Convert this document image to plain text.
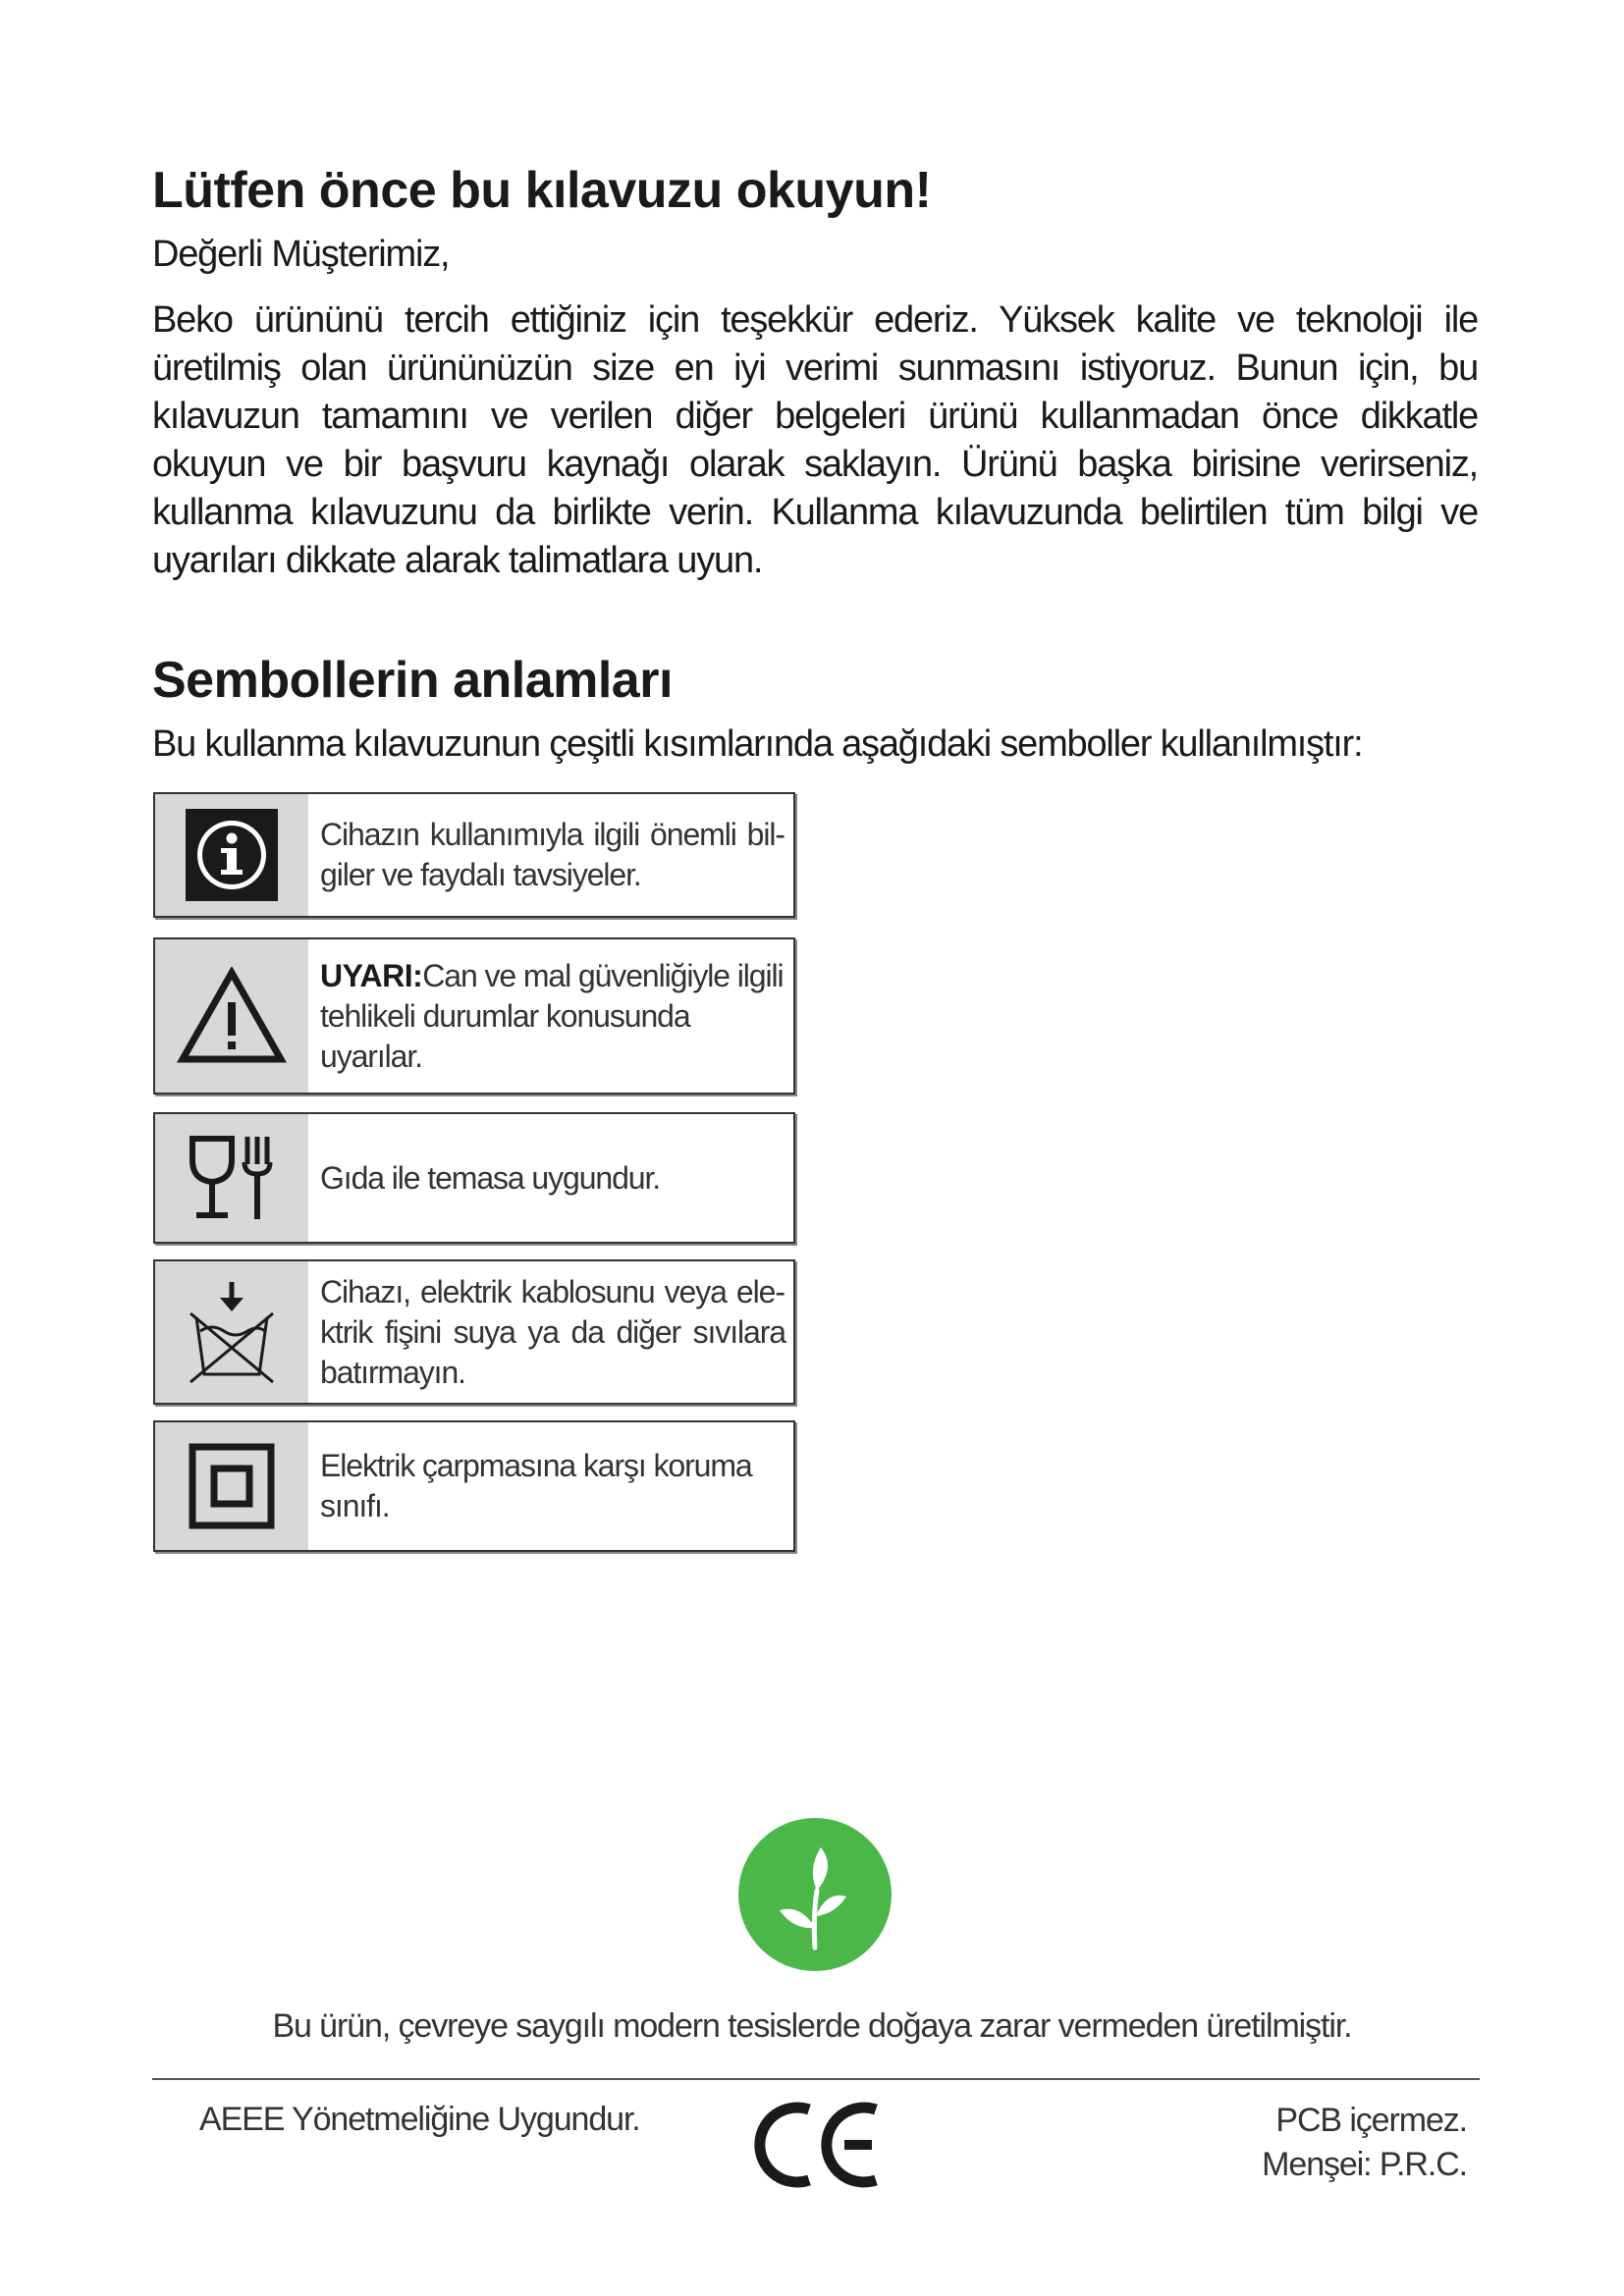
Lütfen önce bu kılavuzu okuyun!

Değerli Müşterimiz,

Beko ürününü tercih ettiğiniz için teşekkür ederiz. Yüksek kalite ve teknoloji ile üretilmiş olan ürününüzün size en iyi verimi sunmasını istiyoruz. Bunun için, bu kılavuzun tamamını ve verilen diğer belgeleri ürünü kullanmadan önce dikkatle okuyun ve bir başvuru kaynağı olarak saklayın. Ürünü başka birisine verirseniz, kullanma kılavuzunu da birlikte verin. Kullanma kılavuzunda belirtilen tüm bilgi ve uyarıları dikkate alarak talimatlara uyun.

Sembollerin anlamları

Bu kullanma kılavuzunun çeşitli kısımlarında aşağıdaki semboller kullanılmıştır:

Cihazın kullanımıyla ilgili önemli bilgiler ve faydalı tavsiyeler.
UYARI:Can ve mal güvenliğiyle ilgili tehlikeli durumlar konusunda uyarılar.
Gıda ile temasa uygundur.
Cihazı, elektrik kablosunu veya elektrik fişini suya ya da diğer sıvılara batırmayın.
Elektrik çarpmasına karşı koruma sınıfı.

Bu ürün, çevreye saygılı modern tesislerde doğaya zarar vermeden üretilmiştir.

AEEE Yönetmeliğine Uygundur.	PCB içermez.
Menşei: P.R.C.
